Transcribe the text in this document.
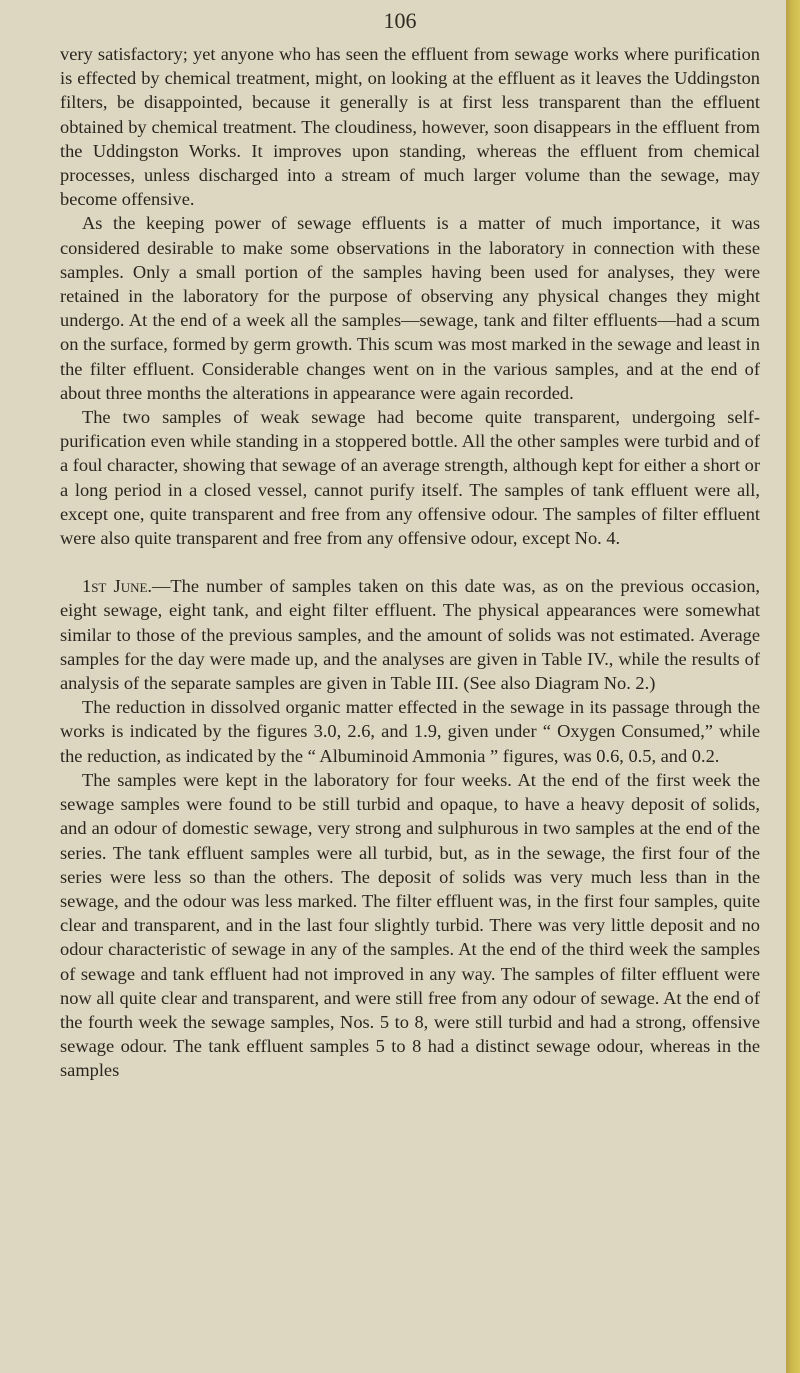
106

very satisfactory; yet anyone who has seen the effluent from sewage works where purification is effected by chemical treatment, might, on looking at the effluent as it leaves the Uddingston filters, be disappointed, because it generally is at first less transparent than the effluent obtained by chemical treatment. The cloudiness, however, soon disappears in the effluent from the Uddingston Works. It improves upon standing, whereas the effluent from chemical processes, unless discharged into a stream of much larger volume than the sewage, may become offensive.

As the keeping power of sewage effluents is a matter of much importance, it was considered desirable to make some observations in the laboratory in connection with these samples. Only a small portion of the samples having been used for analyses, they were retained in the laboratory for the purpose of observing any physical changes they might undergo. At the end of a week all the samples—sewage, tank and filter effluents—had a scum on the surface, formed by germ growth. This scum was most marked in the sewage and least in the filter effluent. Considerable changes went on in the various samples, and at the end of about three months the alterations in appearance were again recorded.

The two samples of weak sewage had become quite transparent, undergoing self-purification even while standing in a stoppered bottle. All the other samples were turbid and of a foul character, showing that sewage of an average strength, although kept for either a short or a long period in a closed vessel, cannot purify itself. The samples of tank effluent were all, except one, quite transparent and free from any offensive odour. The samples of filter effluent were also quite transparent and free from any offensive odour, except No. 4.

1st June.—The number of samples taken on this date was, as on the previous occasion, eight sewage, eight tank, and eight filter effluent. The physical appearances were somewhat similar to those of the previous samples, and the amount of solids was not estimated. Average samples for the day were made up, and the analyses are given in Table IV., while the results of analysis of the separate samples are given in Table III. (See also Diagram No. 2.)

The reduction in dissolved organic matter effected in the sewage in its passage through the works is indicated by the figures 3.0, 2.6, and 1.9, given under “ Oxygen Consumed,” while the reduction, as indicated by the “ Albuminoid Ammonia ” figures, was 0.6, 0.5, and 0.2.

The samples were kept in the laboratory for four weeks. At the end of the first week the sewage samples were found to be still turbid and opaque, to have a heavy deposit of solids, and an odour of domestic sewage, very strong and sulphurous in two samples at the end of the series. The tank effluent samples were all turbid, but, as in the sewage, the first four of the series were less so than the others. The deposit of solids was very much less than in the sewage, and the odour was less marked. The filter effluent was, in the first four samples, quite clear and transparent, and in the last four slightly turbid. There was very little deposit and no odour characteristic of sewage in any of the samples. At the end of the third week the samples of sewage and tank effluent had not improved in any way. The samples of filter effluent were now all quite clear and transparent, and were still free from any odour of sewage. At the end of the fourth week the sewage samples, Nos. 5 to 8, were still turbid and had a strong, offensive sewage odour. The tank effluent samples 5 to 8 had a distinct sewage odour, whereas in the samples
